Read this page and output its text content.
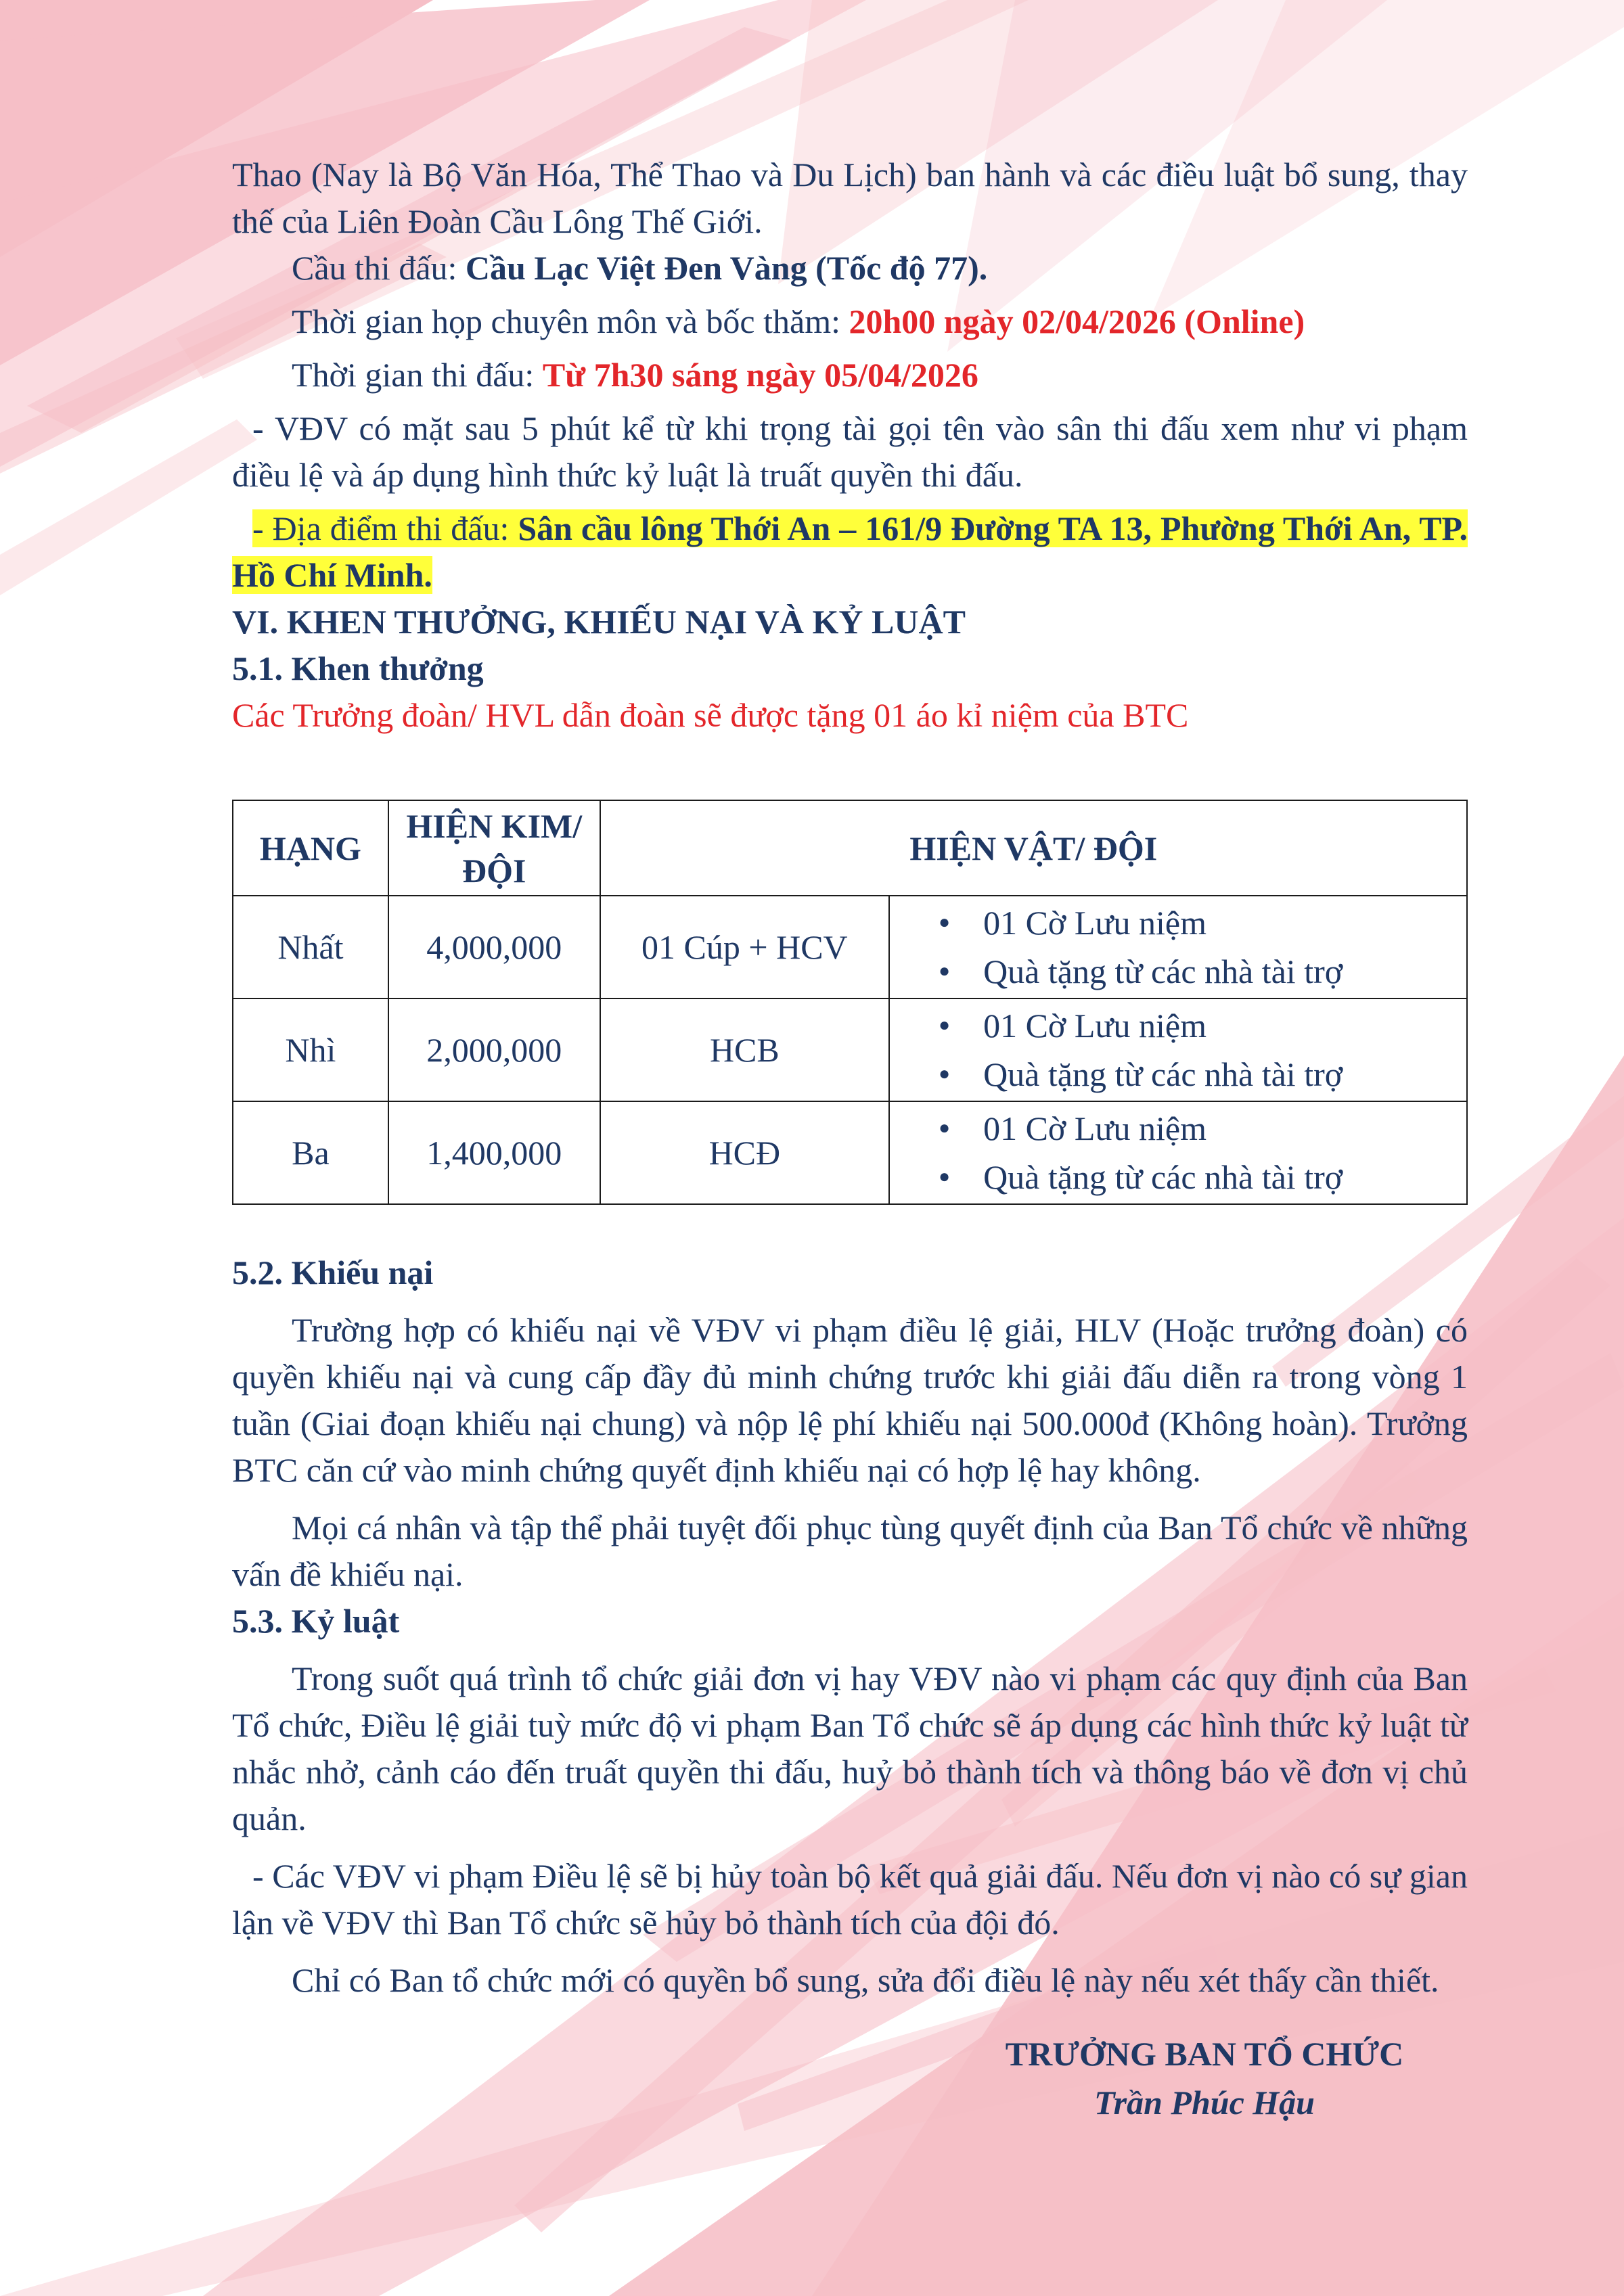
Thao (Nay là Bộ Văn Hóa, Thể Thao và Du Lịch) ban hành và các điều luật bổ sung, thay thế của Liên Đoàn Cầu Lông Thế Giới.

Cầu thi đấu: Cầu Lạc Việt Đen Vàng (Tốc độ 77).

Thời gian họp chuyên môn và bốc thăm: 20h00 ngày 02/04/2026 (Online)

Thời gian thi đấu: Từ 7h30 sáng ngày 05/04/2026

- VĐV có mặt sau 5 phút kể từ khi trọng tài gọi tên vào sân thi đấu xem như vi phạm điều lệ và áp dụng hình thức kỷ luật là truất quyền thi đấu.

- Địa điểm thi đấu: Sân cầu lông Thới An – 161/9 Đường TA 13, Phường Thới An, TP. Hồ Chí Minh.

VI. KHEN THƯỞNG, KHIẾU NẠI VÀ KỶ LUẬT

5.1. Khen thưởng

Các Trưởng đoàn/ HVL dẫn đoàn sẽ được tặng 01 áo kỉ niệm của BTC

HẠNG	HIỆN KIM/ ĐỘI	HIỆN VẬT/ ĐỘI	
Nhất	4,000,000	01 Cúp + HCV	● 01 Cờ Lưu niệm
● Quà tặng từ các nhà tài trợ

Nhì	2,000,000	HCB	● 01 Cờ Lưu niệm
● Quà tặng từ các nhà tài trợ

Ba	1,400,000	HCĐ	● 01 Cờ Lưu niệm
● Quà tặng từ các nhà tài trợ

5.2. Khiếu nại

Trường hợp có khiếu nại về VĐV vi phạm điều lệ giải, HLV (Hoặc trưởng đoàn) có quyền khiếu nại và cung cấp đầy đủ minh chứng trước khi giải đấu diễn ra trong vòng 1 tuần (Giai đoạn khiếu nại chung) và nộp lệ phí khiếu nại 500.000đ (Không hoàn). Trưởng BTC căn cứ vào minh chứng quyết định khiếu nại có hợp lệ hay không.

Mọi cá nhân và tập thể phải tuyệt đối phục tùng quyết định của Ban Tổ chức về những vấn đề khiếu nại.

5.3. Kỷ luật

Trong suốt quá trình tổ chức giải đơn vị hay VĐV nào vi phạm các quy định của Ban Tổ chức, Điều lệ giải tuỳ mức độ vi phạm Ban Tổ chức sẽ áp dụng các hình thức kỷ luật từ nhắc nhở, cảnh cáo đến truất quyền thi đấu, huỷ bỏ thành tích và thông báo về đơn vị chủ quản.

- Các VĐV vi phạm Điều lệ sẽ bị hủy toàn bộ kết quả giải đấu. Nếu đơn vị nào có sự gian lận về VĐV thì Ban Tổ chức sẽ hủy bỏ thành tích của đội đó.

Chỉ có Ban tổ chức mới có quyền bổ sung, sửa đổi điều lệ này nếu xét thấy cần thiết.

TRƯỞNG BAN TỔ CHỨC
Trần Phúc Hậu
